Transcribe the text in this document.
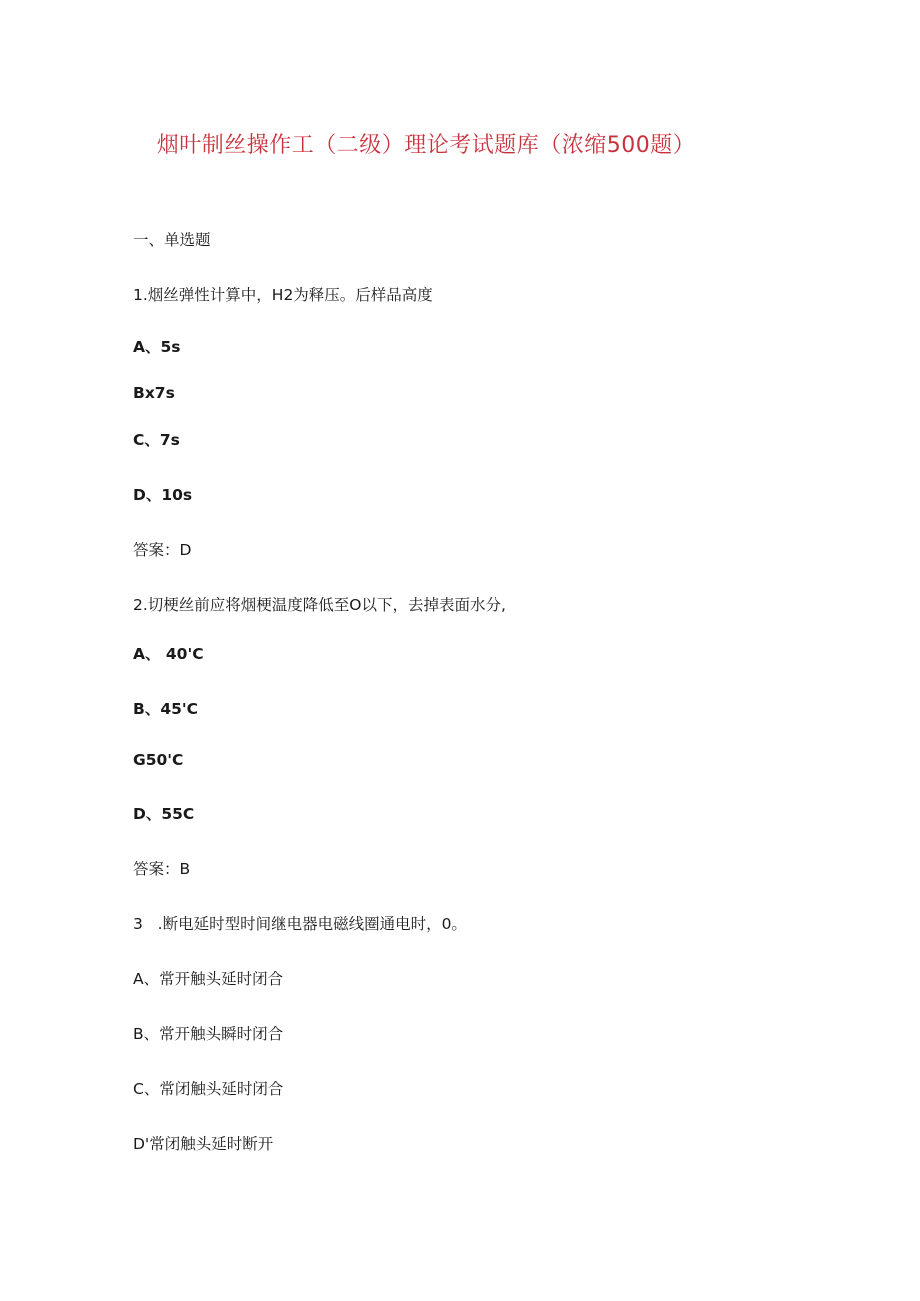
烟叶制丝操作工（二级）理论考试题库（浓缩500题）
一、单选题
1.烟丝弹性计算中，H2为释压。后样品高度
A、5s
Bx7s
C、7s
D、10s
答案：D
2.切梗丝前应将烟梗温度降低至O以下，去掉表面水分,
A、 40'C
B、45'C
G50'C
D、55C
答案：B
3   .断电延时型时间继电器电磁线圈通电时，0。
A、常开触头延时闭合
B、常开触头瞬时闭合
C、常闭触头延时闭合
D'常闭触头延时断开
